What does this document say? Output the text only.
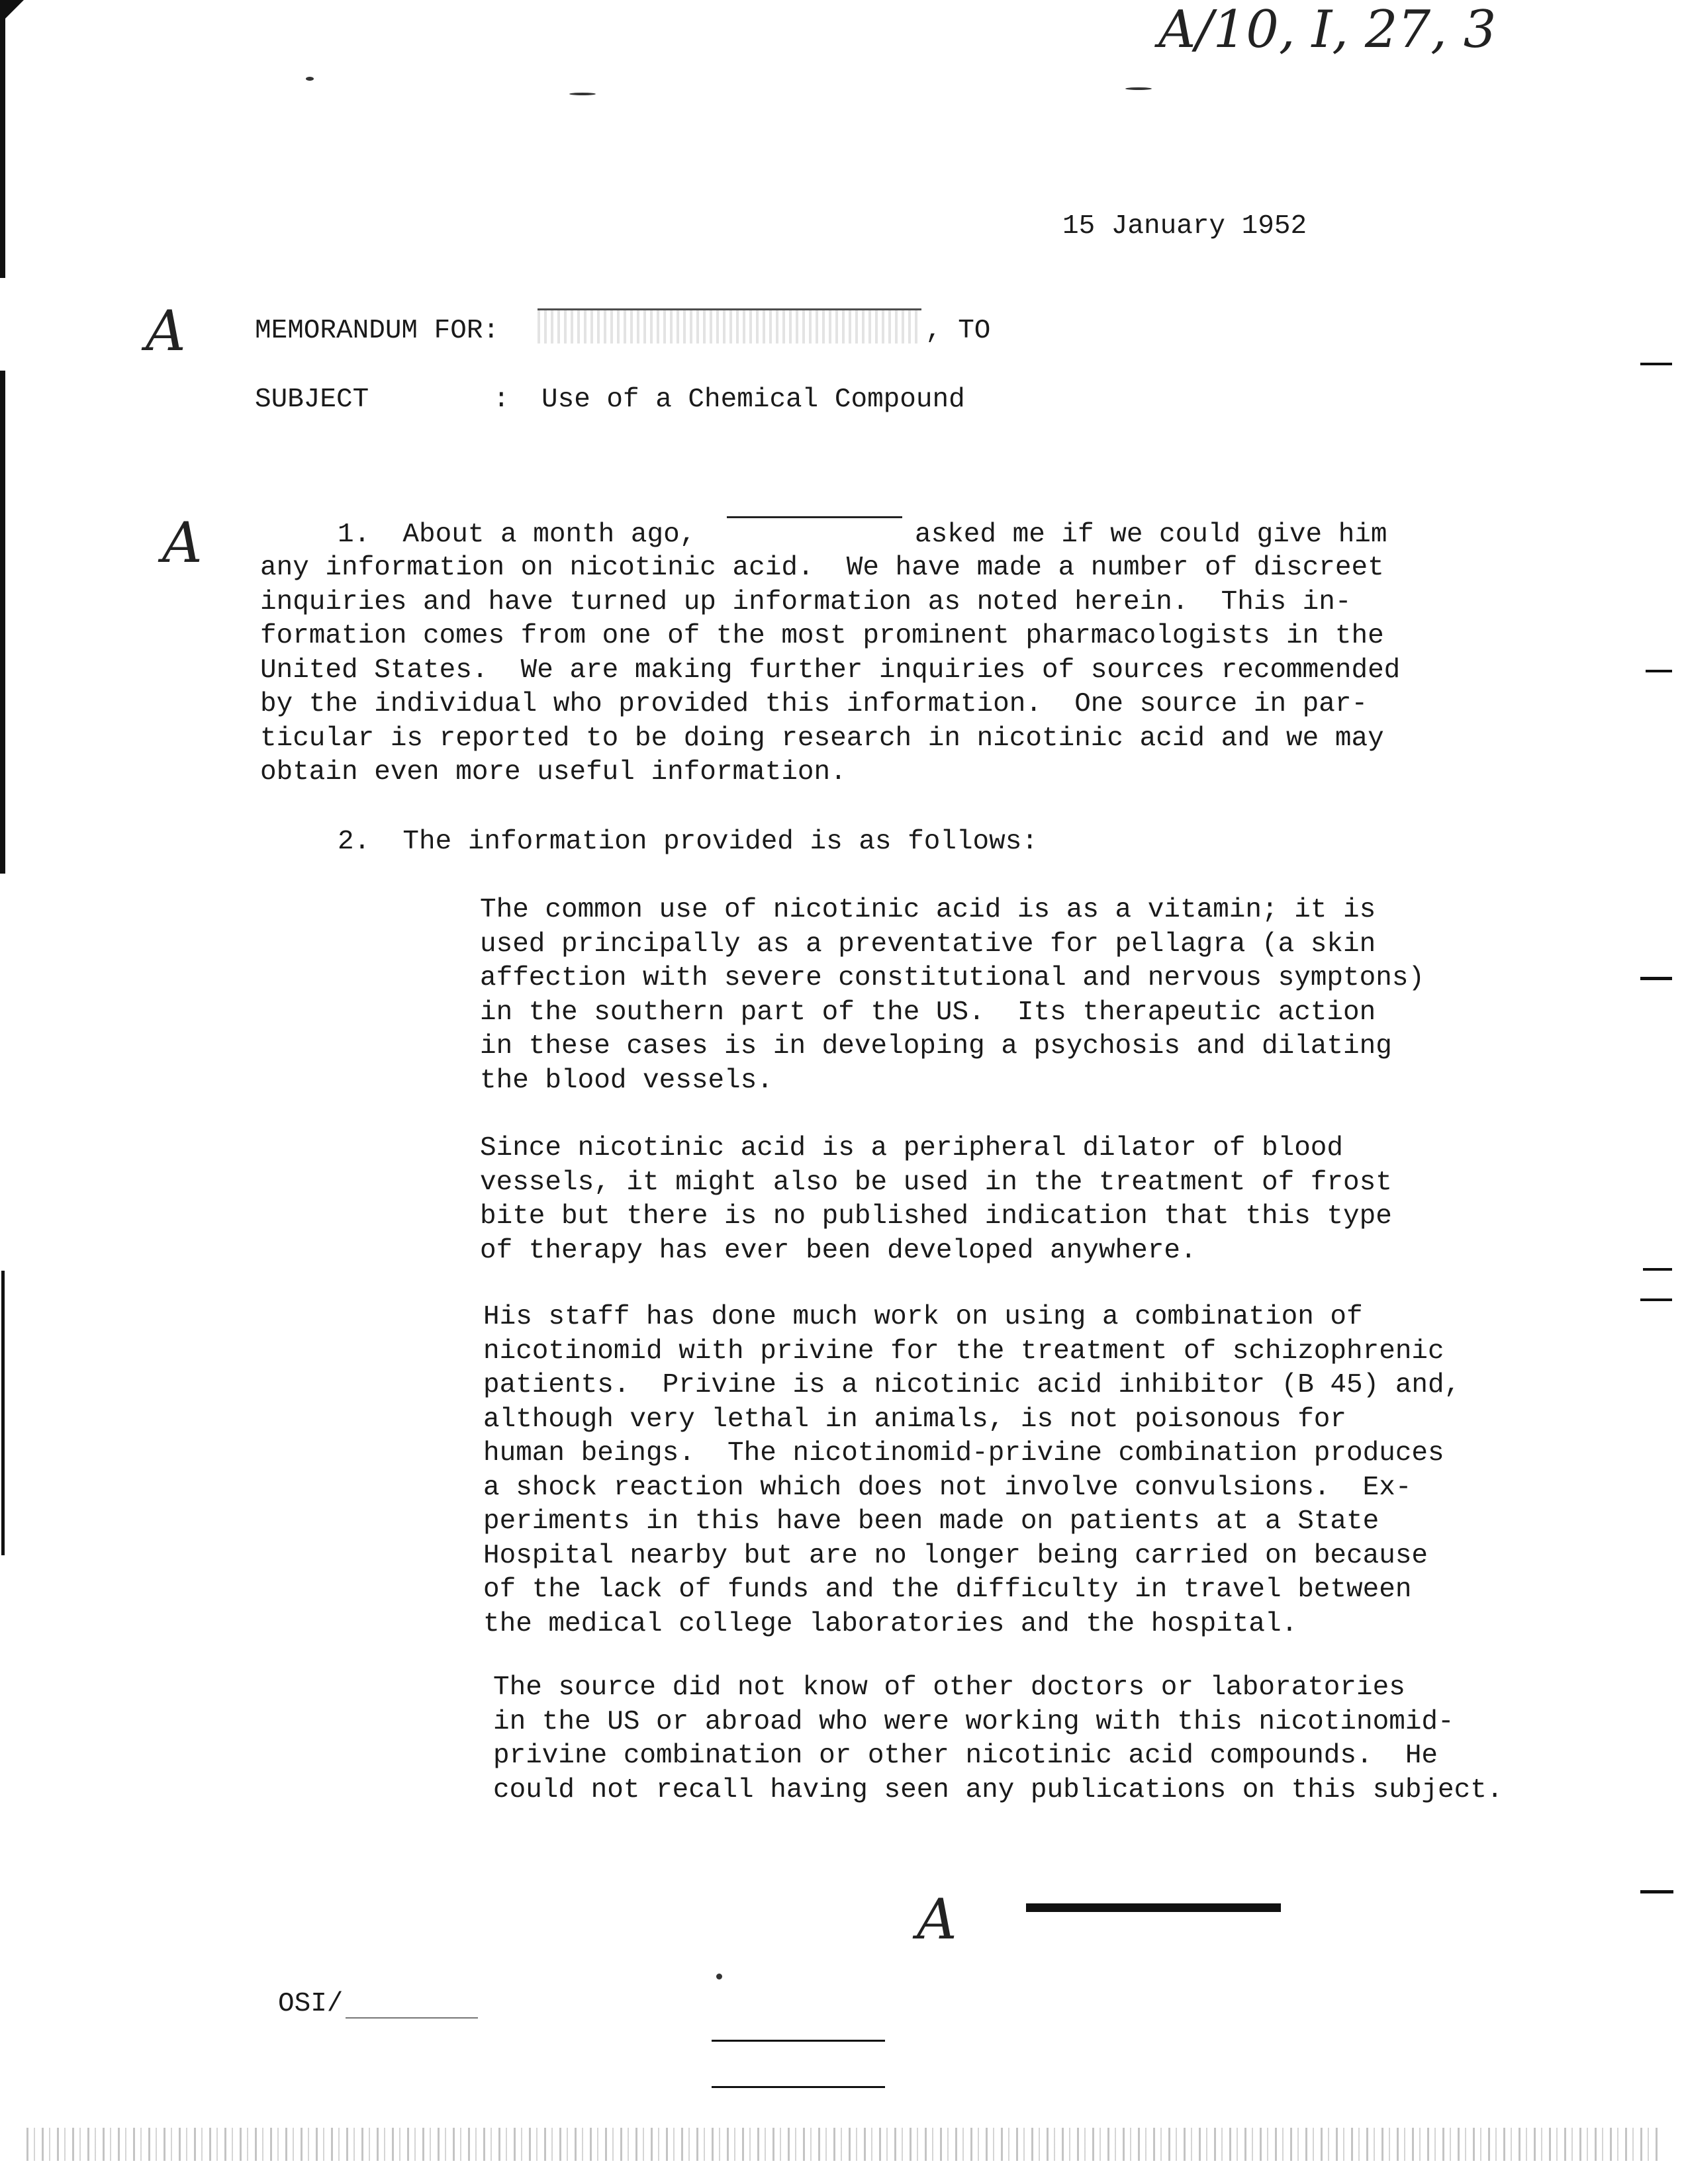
A/10, I, 27, 3
A
A
A
15 January 1952
MEMORANDUM FOR:	, TO
SUBJECT	: Use of a Chemical Compound
1.  About a month ago,	asked me if we could give him
any information on nicotinic acid.  We have made a number of discreet
inquiries and have turned up information as noted herein.  This in-
formation comes from one of the most prominent pharmacologists in the
United States.  We are making further inquiries of sources recommended
by the individual who provided this information.  One source in par-
ticular is reported to be doing research in nicotinic acid and we may
obtain even more useful information.
2.  The information provided is as follows:
The common use of nicotinic acid is as a vitamin; it is
used principally as a preventative for pellagra (a skin
affection with severe constitutional and nervous symptons)
in the southern part of the US.  Its therapeutic action
in these cases is in developing a psychosis and dilating
the blood vessels.
Since nicotinic acid is a peripheral dilator of blood
vessels, it might also be used in the treatment of frost
bite but there is no published indication that this type
of therapy has ever been developed anywhere.
His staff has done much work on using a combination of
nicotinomid with privine for the treatment of schizophrenic
patients.  Privine is a nicotinic acid inhibitor (B 45) and,
although very lethal in animals, is not poisonous for
human beings.  The nicotinomid-privine combination produces
a shock reaction which does not involve convulsions.  Ex-
periments in this have been made on patients at a State
Hospital nearby but are no longer being carried on because
of the lack of funds and the difficulty in travel between
the medical college laboratories and the hospital.
The source did not know of other doctors or laboratories
in the US or abroad who were working with this nicotinomid-
privine combination or other nicotinic acid compounds.  He
could not recall having seen any publications on this subject.
OSI/
